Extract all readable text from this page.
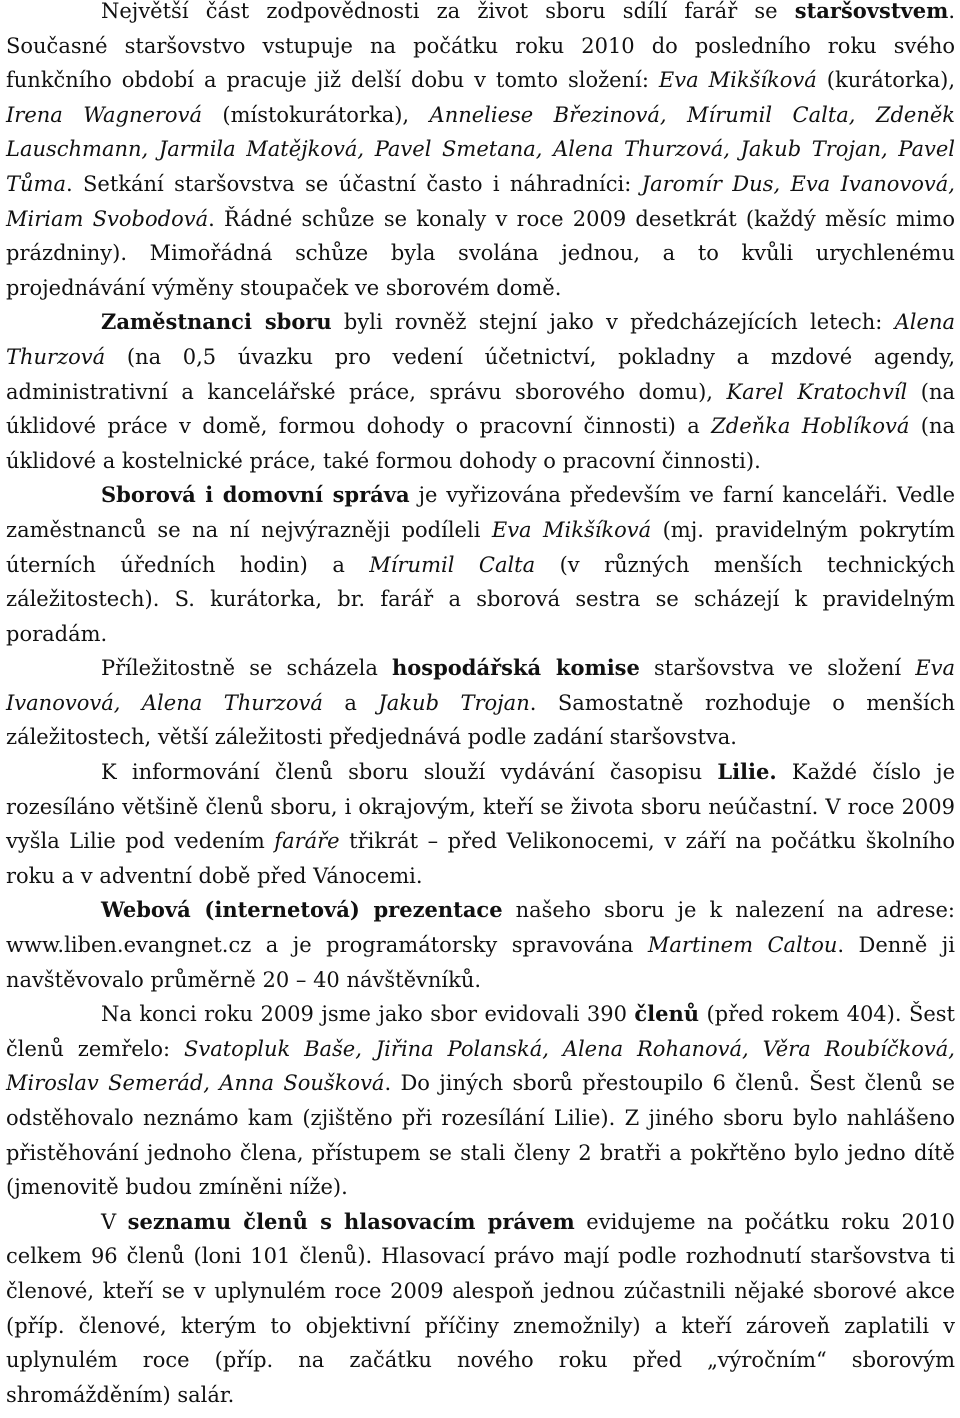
Největší část zodpovědnosti za život sboru sdílí farář se staršovstvem. Současné staršovstvo vstupuje na počátku roku 2010 do posledního roku svého funkčního období a pracuje již delší dobu v tomto složení: Eva Mikšíková (kurátorka), Irena Wagnerová (místokurátorka), Anneliese Březinová, Mírumil Calta, Zdeněk Lauschmann, Jarmila Matějková, Pavel Smetana, Alena Thurzová, Jakub Trojan, Pavel Tůma. Setkání staršovstva se účastní často i náhradníci: Jaromír Dus, Eva Ivanovová, Miriam Svobodová. Řádné schůze se konaly v roce 2009 desetkrát (každý měsíc mimo prázdniny). Mimořádná schůze byla svolána jednou, a to kvůli urychlenému projednávání výměny stoupaček ve sborovém domě.

Zaměstnanci sboru byli rovněž stejní jako v předcházejících letech: Alena Thurzová (na 0,5 úvazku pro vedení účetnictví, pokladny a mzdové agendy, administrativní a kancelářské práce, správu sborového domu), Karel Kratochvíl (na úklidové práce v domě, formou dohody o pracovní činnosti) a Zdeňka Hoblíková (na úklidové a kostelnické práce, také formou dohody o pracovní činnosti).

Sborová i domovní správa je vyřizována především ve farní kanceláři. Vedle zaměstnanců se na ní nejvýrazněji podíleli Eva Mikšíková (mj. pravidelným pokrytím úterních úředních hodin) a Mírumil Calta (v různých menších technických záležitostech). S. kurátorka, br. farář a sborová sestra se scházejí k pravidelným poradám.

Příležitostně se scházela hospodářská komise staršovstva ve složení Eva Ivanovová, Alena Thurzová a Jakub Trojan. Samostatně rozhoduje o menších záležitostech, větší záležitosti předjednává podle zadání staršovstva.

K informování členů sboru slouží vydávání časopisu Lilie. Každé číslo je rozesíláno většině členů sboru, i okrajovým, kteří se života sboru neúčastní. V roce 2009 vyšla Lilie pod vedením faráře třikrát – před Velikonocemi, v září na počátku školního roku a v adventní době před Vánocemi.

Webová (internetová) prezentace našeho sboru je k nalezení na adrese: www.liben.evangnet.cz a je programátorsky spravována Martinem Caltou. Denně ji navštěvovalo průměrně 20 – 40 návštěvníků.

Na konci roku 2009 jsme jako sbor evidovali 390 členů (před rokem 404). Šest členů zemřelo: Svatopluk Baše, Jiřina Polanská, Alena Rohanová, Věra Roubíčková, Miroslav Semerád, Anna Soušková. Do jiných sborů přestoupilo 6 členů. Šest členů se odstěhovalo neznámo kam (zjištěno při rozesílání Lilie). Z jiného sboru bylo nahlášeno přistěhování jednoho člena, přístupem se stali členy 2 bratři a pokřtěno bylo jedno dítě (jmenovitě budou zmíněni níže).

V seznamu členů s hlasovacím právem evidujeme na počátku roku 2010 celkem 96 členů (loni 101 členů). Hlasovací právo mají podle rozhodnutí staršovstva ti členové, kteří se v uplynulém roce 2009 alespoň jednou zúčastnili nějaké sborové akce (příp. členové, kterým to objektivní příčiny znemožnily) a kteří zároveň zaplatili v uplynulém roce (příp. na začátku nového roku před „výročním“ sborovým shromážděním) salár.
